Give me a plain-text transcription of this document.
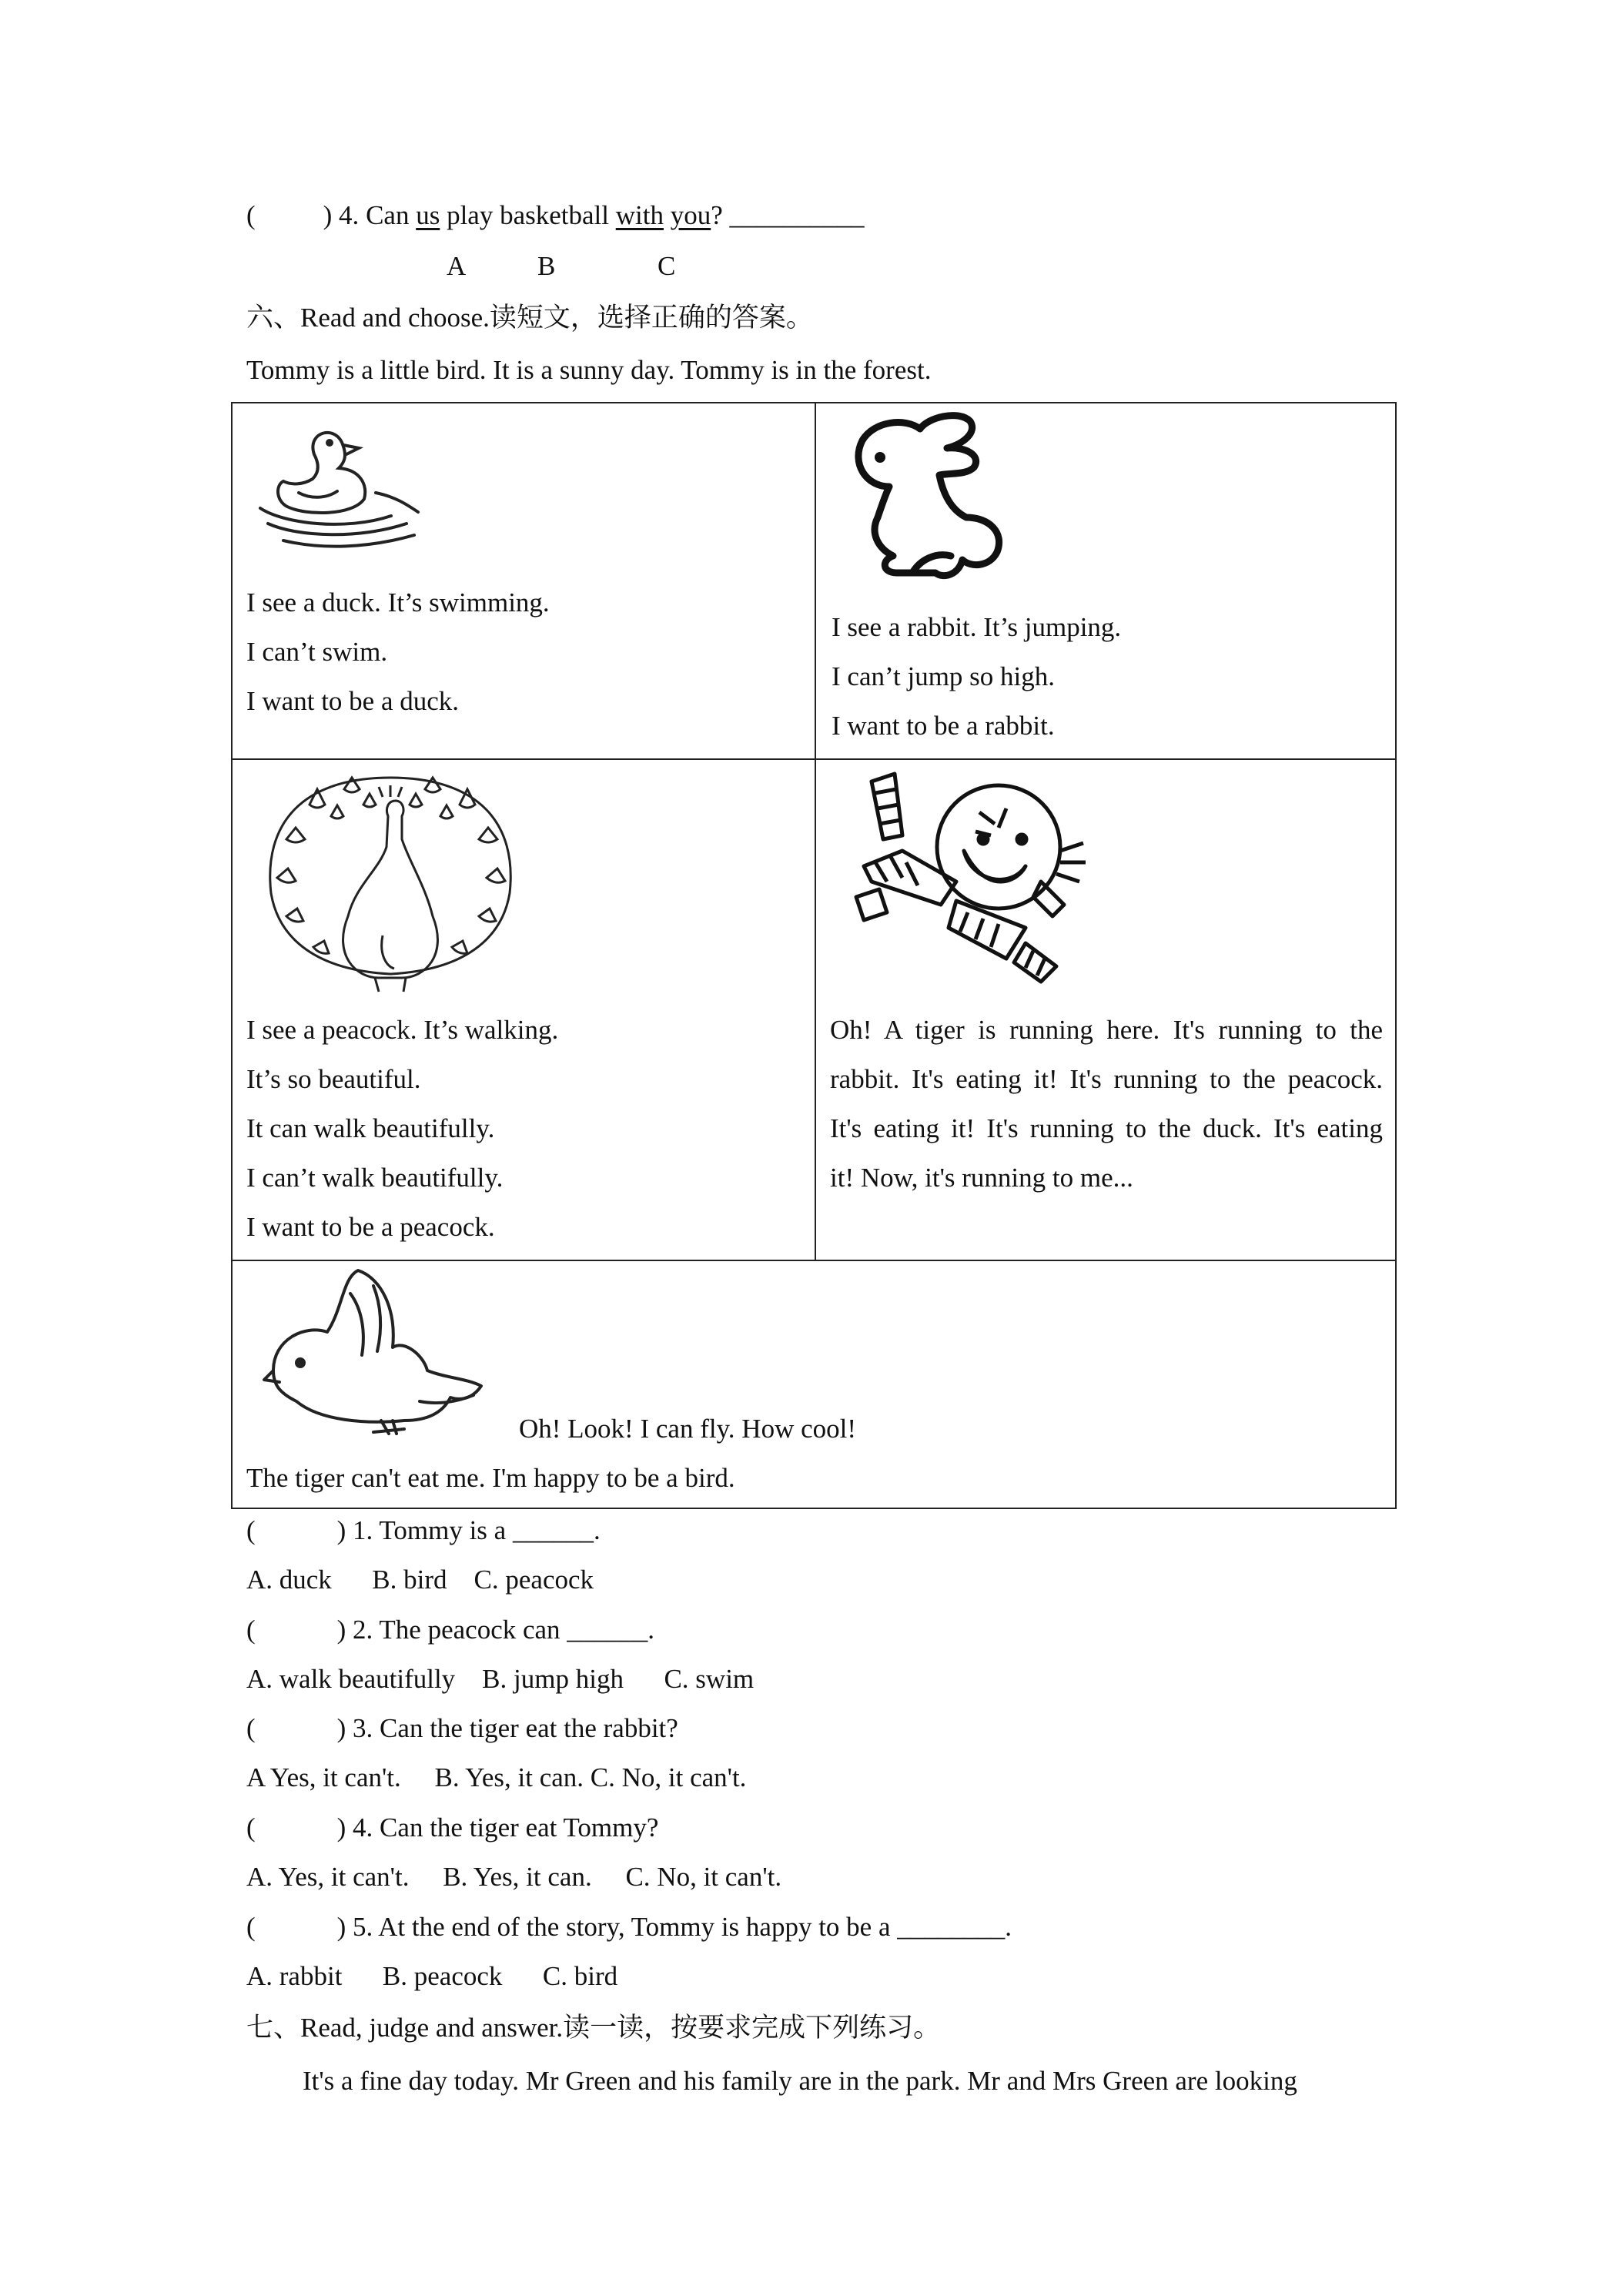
(	) 4. Can us play basketball with you? __________
A	B	C
六、Read and choose.读短文，选择正确的答案。
Tommy is a little bird. It is a sunny day. Tommy is in the forest.
I see a duck. It’s swimming.
I can’t swim.
I want to be a duck.
I see a rabbit. It’s jumping.
I can’t jump so high.
I want to be a rabbit.
I see a peacock. It’s walking.
It’s so beautiful.
It can walk beautifully.
I can’t walk beautifully.
I want to be a peacock.
Oh! A tiger is running here. It's running to the
rabbit. It's eating it! It's running to the peacock.
It's eating it! It's running to the duck. It's eating
it! Now, it's running to me...
Oh! Look! I can fly. How cool!
The tiger can't eat me. I'm happy to be a bird.
(	) 1. Tommy is a ______.
A. duck      B. bird    C. peacock
(	) 2. The peacock can ______.
A. walk beautifully    B. jump high      C. swim
(	) 3. Can the tiger eat the rabbit?
A Yes, it can't.     B. Yes, it can. C. No, it can't.
(	) 4. Can the tiger eat Tommy?
A. Yes, it can't.     B. Yes, it can.     C. No, it can't.
(	) 5. At the end of the story, Tommy is happy to be a ________.
A. rabbit      B. peacock      C. bird
七、Read, judge and answer.读一读，按要求完成下列练习。
It's a fine day today. Mr Green and his family are in the park. Mr and Mrs Green are looking
